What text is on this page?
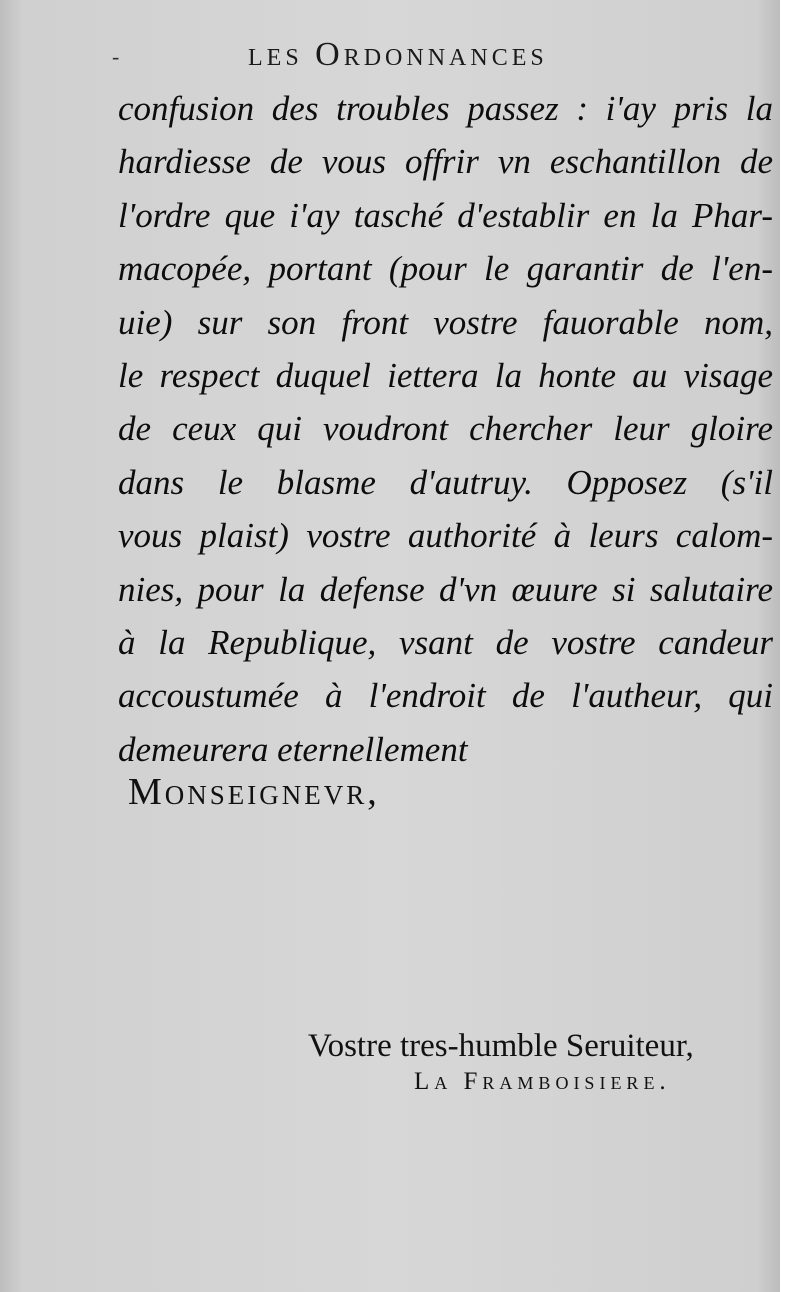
-	les Ordonnances
confusion des troubles passez : i'ay pris la
hardiesse de vous offrir vn eschantillon de
l'ordre que i'ay tasché d'establir en la Phar-
macopée, portant (pour le garantir de l'en-
uie) sur son front vostre fauorable nom,
le respect duquel iettera la honte au visage
de ceux qui voudront chercher leur gloire
dans le blasme d'autruy. Opposez (s'il
vous plaist) vostre authorité à leurs calom-
nies, pour la defense d'vn œuure si salutaire
à la Republique, vsant de vostre candeur
accoustumée à l'endroit de l'autheur, qui
demeurera eternellement
Monseignevr,
Vostre tres-humble Seruiteur,
La Framboisiere.
